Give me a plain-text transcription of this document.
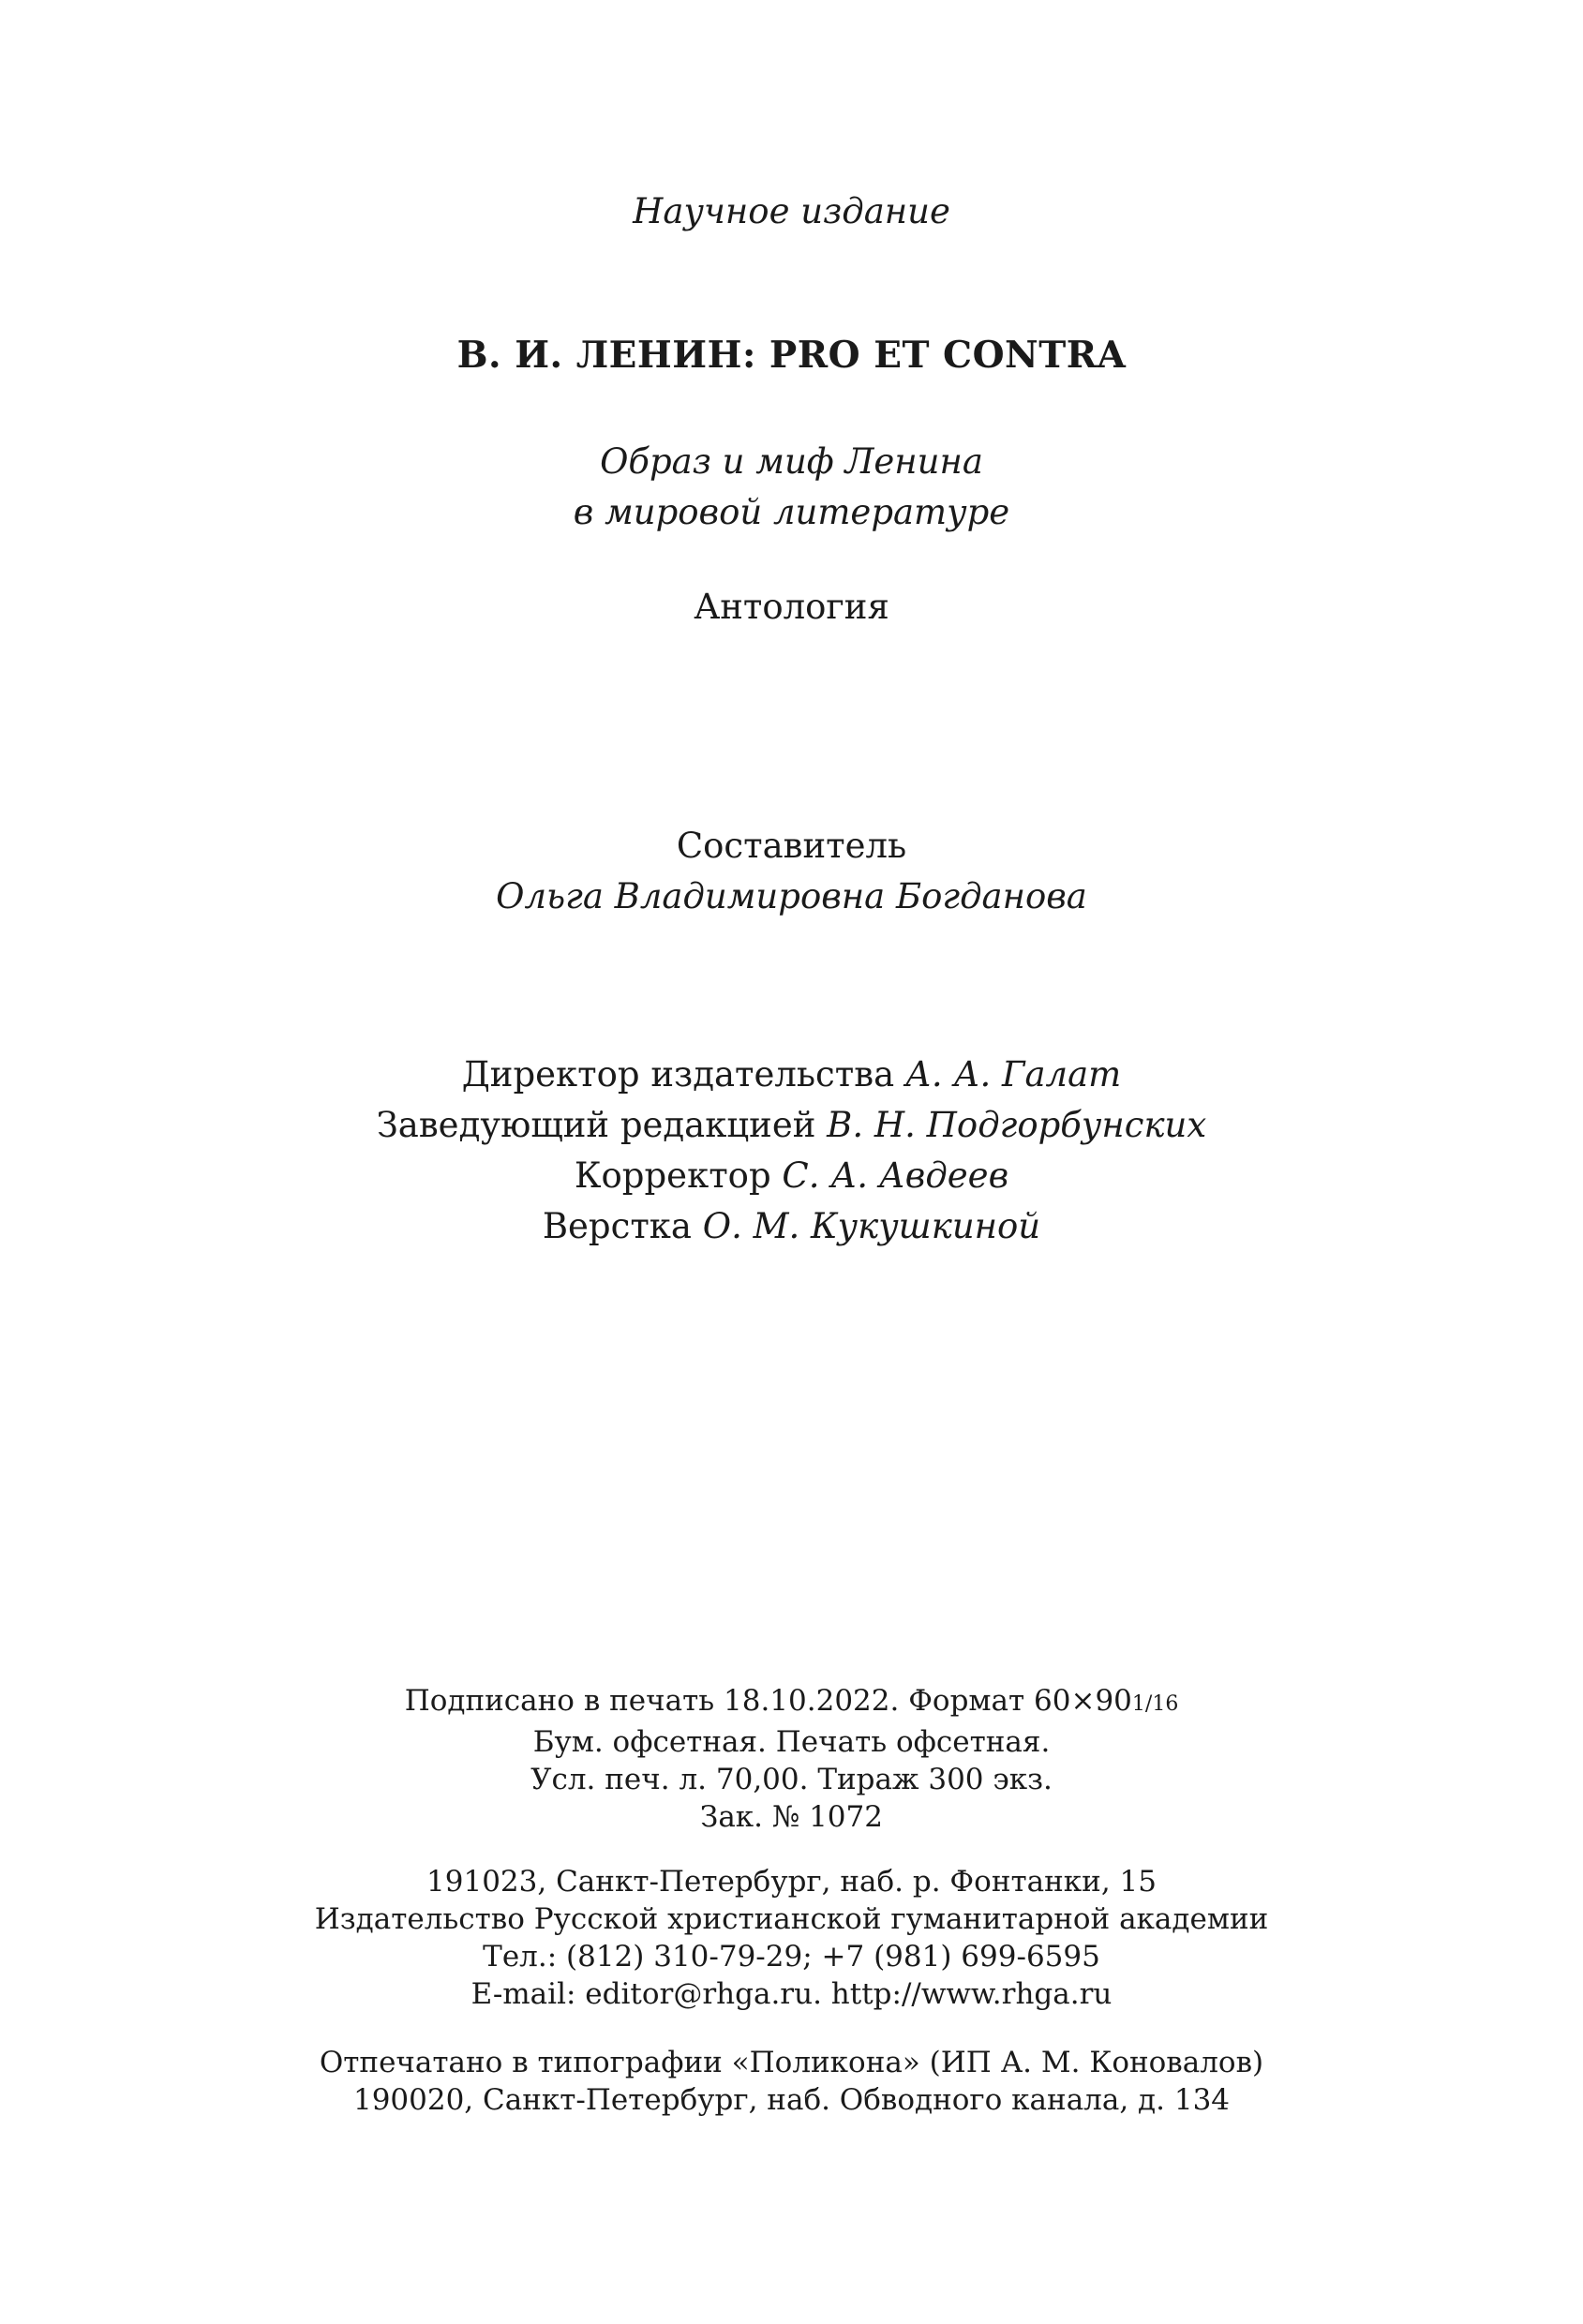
Научное издание
В. И. ЛЕНИН: PRO ET CONTRA
Образ и миф Ленина
в мировой литературе
Антология
Составитель
Ольга Владимировна Богданова
Директор издательства А. А. Галат
Заведующий редакцией В. Н. Подгорбунских
Корректор С. А. Авдеев
Верстка О. М. Кукушкиной
Подписано в печать 18.10.2022. Формат 60×901/16
Бум. офсетная. Печать офсетная.
Усл. печ. л. 70,00. Тираж 300 экз.
Зак. № 1072
191023, Санкт-Петербург, наб. р. Фонтанки, 15
Издательство Русской христианской гуманитарной академии
Тел.: (812) 310-79-29; +7 (981) 699-6595
E-mail: editor@rhga.ru. http://www.rhga.ru
Отпечатано в типографии «Поликона» (ИП А. М. Коновалов)
190020, Санкт-Петербург, наб. Обводного канала, д. 134
